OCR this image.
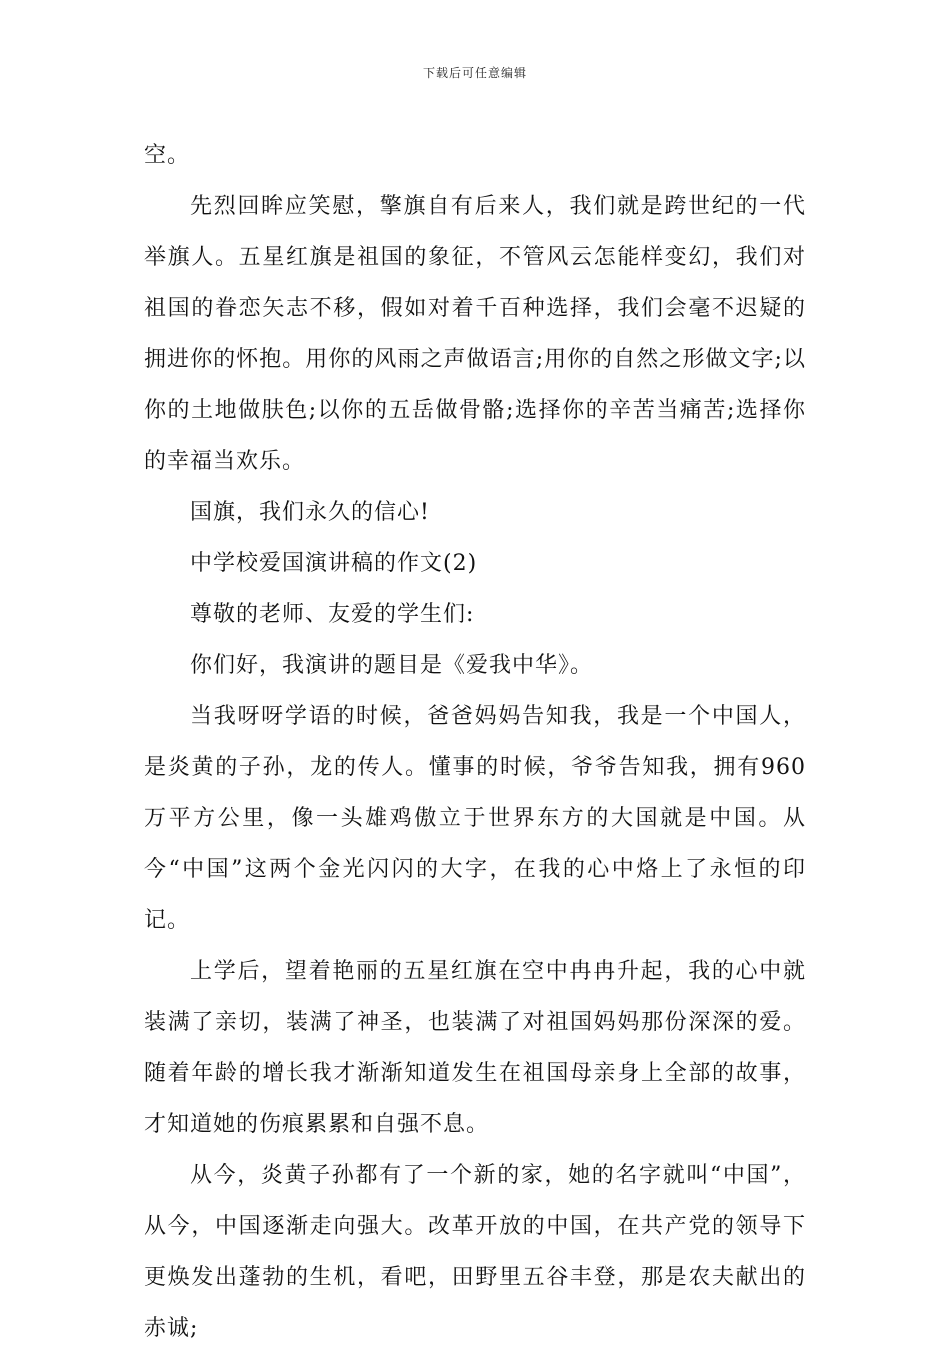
下载后可任意编辑

空。

先烈回眸应笑慰，擎旗自有后来人，我们就是跨世纪的一代举旗人。五星红旗是祖国的象征，不管风云怎能样变幻，我们对祖国的眷恋矢志不移，假如对着千百种选择，我们会毫不迟疑的拥进你的怀抱。用你的风雨之声做语言;用你的自然之形做文字;以你的土地做肤色;以你的五岳做骨骼;选择你的辛苦当痛苦;选择你的幸福当欢乐。

国旗，我们永久的信心!

中学校爱国演讲稿的作文(2)

尊敬的老师、友爱的学生们:

你们好，我演讲的题目是《爱我中华》。

当我呀呀学语的时候，爸爸妈妈告知我，我是一个中国人，是炎黄的子孙，龙的传人。懂事的时候，爷爷告知我，拥有960万平方公里，像一头雄鸡傲立于世界东方的大国就是中国。从今“中国”这两个金光闪闪的大字，在我的心中烙上了永恒的印记。

上学后，望着艳丽的五星红旗在空中冉冉升起，我的心中就装满了亲切，装满了神圣，也装满了对祖国妈妈那份深深的爱。随着年龄的增长我才渐渐知道发生在祖国母亲身上全部的故事，才知道她的伤痕累累和自强不息。

从今，炎黄子孙都有了一个新的家，她的名字就叫“中国”，从今，中国逐渐走向强大。改革开放的中国，在共产党的领导下更焕发出蓬勃的生机，看吧，田野里五谷丰登，那是农夫献出的赤诚;
